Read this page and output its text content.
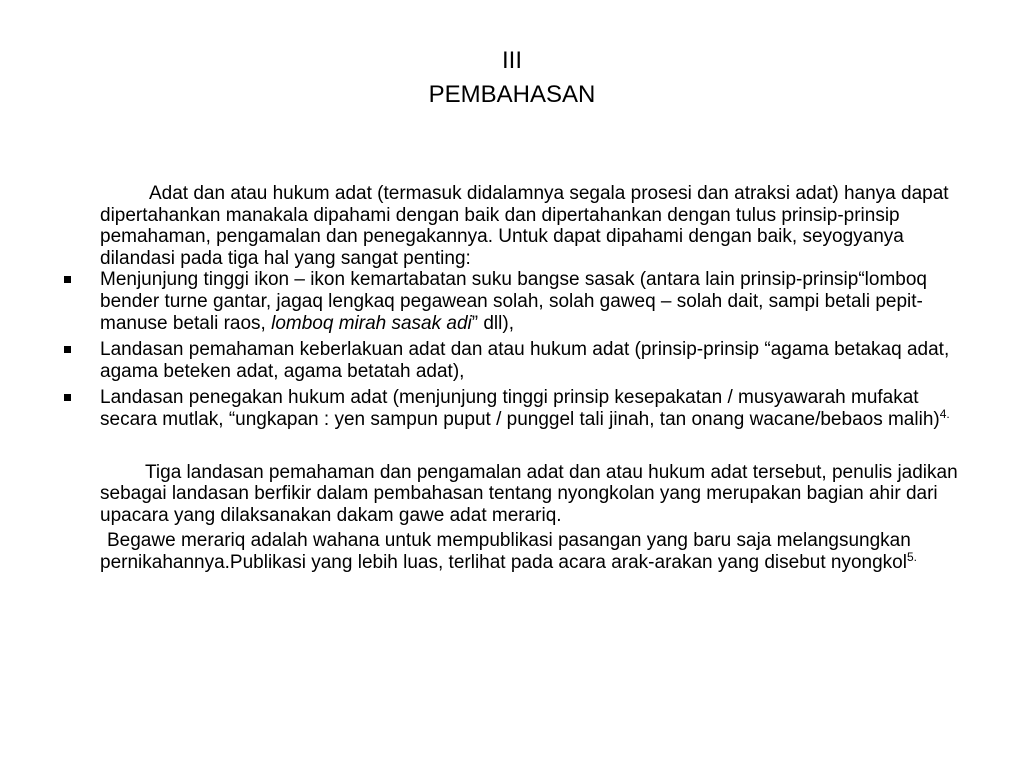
III
PEMBAHASAN

Adat dan atau hukum adat (termasuk didalamnya segala prosesi dan atraksi adat) hanya dapat dipertahankan manakala dipahami dengan baik dan dipertahankan dengan tulus prinsip-prinsip pemahaman, pengamalan dan penegakannya. Untuk dapat dipahami dengan baik, seyogyanya dilandasi pada tiga hal yang sangat penting:

Menjunjung tinggi ikon – ikon kemartabatan suku bangse sasak (antara lain prinsip-prinsip“lomboq bender turne gantar, jagaq lengkaq pegawean solah, solah gaweq – solah dait, sampi betali pepit- manuse betali raos, lomboq mirah sasak adi” dll),
Landasan pemahaman keberlakuan adat dan atau hukum adat (prinsip-prinsip “agama betakaq adat, agama beteken adat, agama betatah adat),
Landasan penegakan hukum adat (menjunjung tinggi prinsip kesepakatan / musyawarah mufakat secara mutlak, “ungkapan : yen sampun puput / punggel tali jinah, tan onang wacane/bebaos malih)$^{4.}$

Tiga landasan pemahaman dan pengamalan adat dan atau hukum adat tersebut, penulis jadikan sebagai landasan berfikir dalam pembahasan tentang nyongkolan yang merupakan bagian ahir dari upacara yang dilaksanakan dakam gawe adat merariq.

Begawe merariq adalah wahana untuk mempublikasi pasangan yang baru saja melangsungkan pernikahannya.Publikasi yang lebih luas, terlihat pada acara arak-arakan yang disebut nyongkol$^{5.}$
